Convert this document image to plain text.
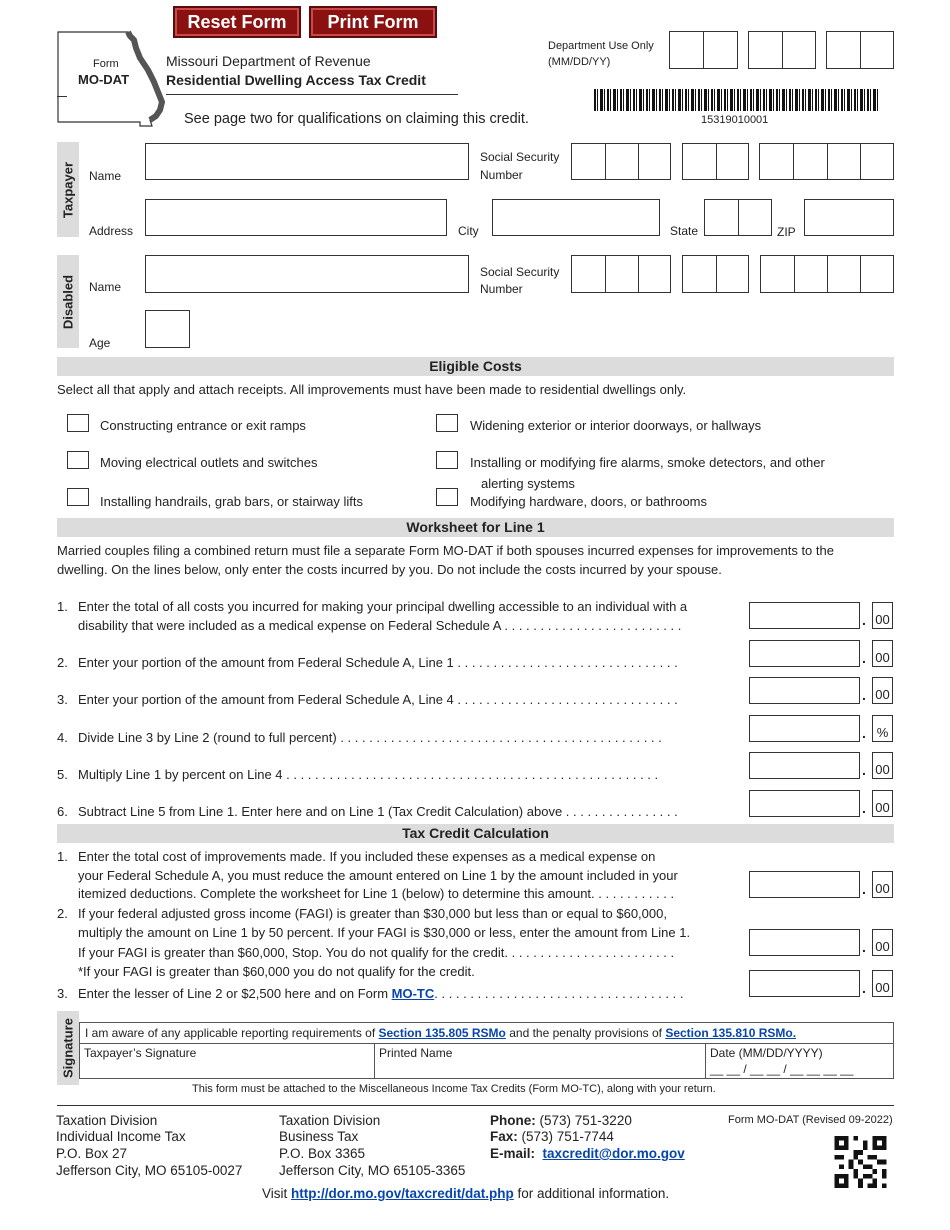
Reset Form	Print Form
Form
MO-DAT
Missouri Department of Revenue
Residential Dwelling Access Tax Credit
See page two for qualifications on claiming this credit.
Department Use Only
(MM/DD/YY)
15319010001
Taxpayer Name
Social Security
Number
Address	City	State	ZIP
Disabled Name
Social Security
Number
Age
Eligible Costs
Select all that apply and attach receipts. All improvements must have been made to residential dwellings only.
Constructing entrance or exit ramps	Widening exterior or interior doorways, or hallways
Moving electrical outlets and switches	Installing or modifying fire alarms, smoke detectors, and other
alerting systems
Installing handrails, grab bars, or stairway lifts	Modifying hardware, doors, or bathrooms
Worksheet for Line 1
Married couples filing a combined return must file a separate Form MO-DAT if both spouses incurred expenses for improvements to the
dwelling. On the lines below, only enter the costs incurred by you. Do not include the costs incurred by your spouse.
1. Enter the total of all costs you incurred for making your principal dwelling accessible to an individual with a
disability that were included as a medical expense on Federal Schedule A . . . . . . . . . . . . . . . . . . . . . . . . .	. 00
2. Enter your portion of the amount from Federal Schedule A, Line 1 . . . . . . . . . . . . . . . . . . . . . . . . . . . . . . .	. 00
3. Enter your portion of the amount from Federal Schedule A, Line 4 . . . . . . . . . . . . . . . . . . . . . . . . . . . . . . .	. 00
4. Divide Line 3 by Line 2 (round to full percent) . . . . . . . . . . . . . . . . . . . . . . . . . . . . . . . . . . . . . . . . . . . . .	. %
5. Multiply Line 1 by percent on Line 4 . . . . . . . . . . . . . . . . . . . . . . . . . . . . . . . . . . . . . . . . . . . . . . . . . . . .	. 00
6. Subtract Line 5 from Line 1. Enter here and on Line 1 (Tax Credit Calculation) above . . . . . . . . . . . . . . . .	. 00
Tax Credit Calculation
1. Enter the total cost of improvements made. If you included these expenses as a medical expense on
your Federal Schedule A, you must reduce the amount entered on Line 1 by the amount included in your
itemized deductions. Complete the worksheet for Line 1 (below) to determine this amount. . . . . . . . . . . .	. 00
2. If your federal adjusted gross income (FAGI) is greater than $30,000 but less than or equal to $60,000,
multiply the amount on Line 1 by 50 percent. If your FAGI is $30,000 or less, enter the amount from Line 1.
If your FAGI is greater than $60,000, Stop. You do not qualify for the credit. . . . . . . . . . . . . . . . . . . . . . . .
*If your FAGI is greater than $60,000 you do not qualify for the credit.
. 00
3. Enter the lesser of Line 2 or $2,500 here and on Form MO-TC. . . . . . . . . . . . . . . . . . . . . . . . . . . . . . . . . . .	. 00
Signature I am aware of any applicable reporting requirements of Section 135.805 RSMo and the penalty provisions of Section 135.810 RSMo.
Taxpayer’s Signature	Printed Name	Date (MM/DD/YYYY)
__ __ / __ __ / __ __ __ __
This form must be attached to the Miscellaneous Income Tax Credits (Form MO-TC), along with your return.
Taxation Division
Individual Income Tax
P.O. Box 27
Jefferson City, MO 65105-0027
Taxation Division
Business Tax
P.O. Box 3365
Jefferson City, MO 65105-3365
Phone: (573) 751-3220
Fax: (573) 751-7744
E-mail: taxcredit@dor.mo.gov
Form MO-DAT (Revised 09-2022)
Visit http://dor.mo.gov/taxcredit/dat.php for additional information.
